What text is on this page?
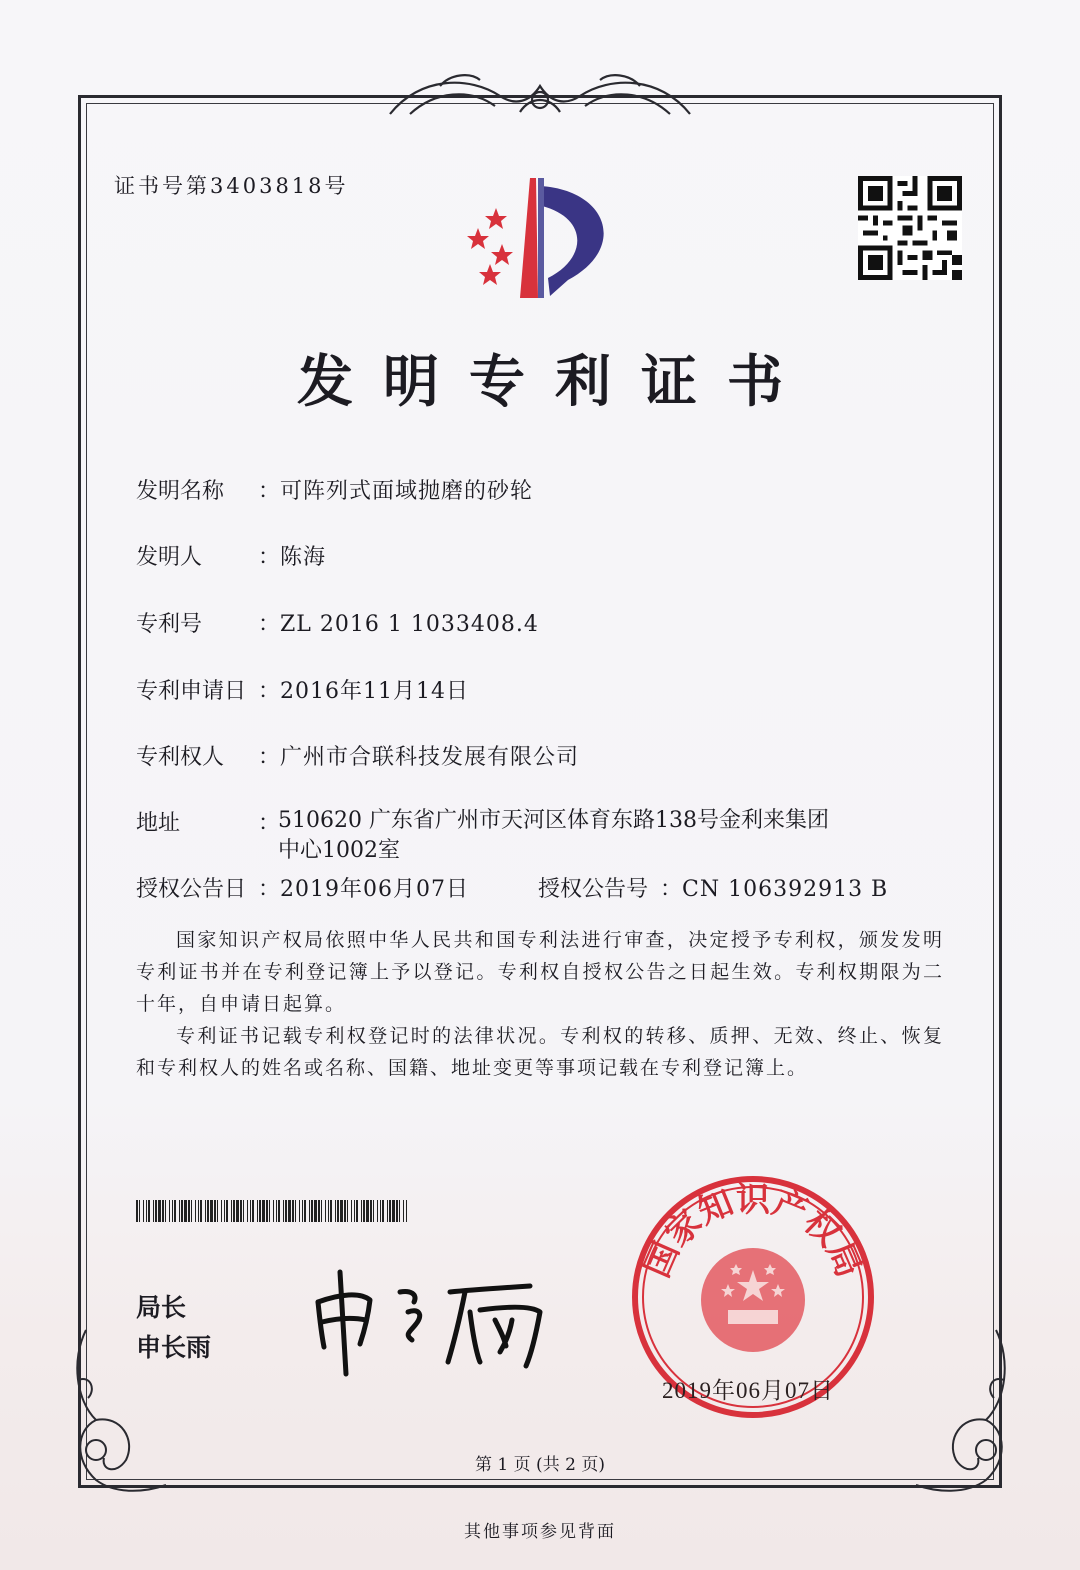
证书号第3403818号
发明专利证书
发明名称 ：可阵列式面域抛磨的砂轮
发明人	：陈海
专利号	：ZL 2016 1 1033408.4
专利申请日 ：2016年11月14日
专利权人 ：广州市合联科技发展有限公司
地址	：
510620 广东省广州市天河区体育东路138号金利来集团中心1002室
授权公告日 ：2019年06月07日	授权公告号 ：CN 106392913 B
国家知识产权局依照中华人民共和国专利法进行审查，决定授予专利权，颁发发明专利证书并在专利登记簿上予以登记。专利权自授权公告之日起生效。专利权期限为二十年，自申请日起算。
专利证书记载专利权登记时的法律状况。专利权的转移、质押、无效、终止、恢复和专利权人的姓名或名称、国籍、地址变更等事项记载在专利登记簿上。
局长
申长雨
国家知识产权局
2019年06月07日
第 1 页 (共 2 页)
其他事项参见背面
